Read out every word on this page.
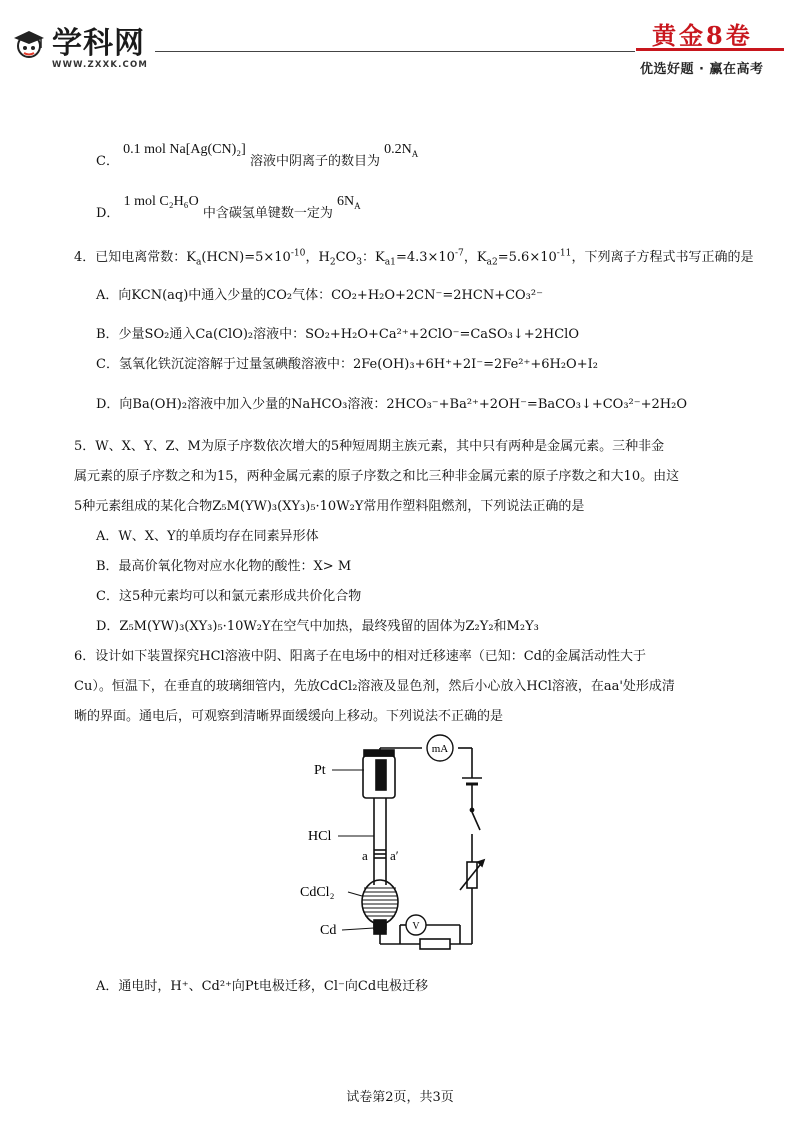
学科网
WWW.ZXXK.COM
黄金8卷
优选好题 · 赢在高考
C． 0.1 mol Na[Ag(CN)₂] 溶液中阴离子的数目为 $0.2N_A$
D． 1 mol C₂H₆O 中含碳氢单键数一定为 $6N_A$
4．已知电离常数：$K_a(HCN)=5\times 10^{-10}$，$H_2CO_3$：$K_{a1}=4.3\times 10^{-7}$，$K_{a2}=5.6\times 10^{-11}$，下列离子方程式书写正确的是
A．向KCN(aq)中通入少量的CO₂气体：CO₂+H₂O+2CN⁻=2HCN+CO₃²⁻
B．少量SO₂通入Ca(ClO)₂溶液中：SO₂+H₂O+Ca²⁺+2ClO⁻=CaSO₃↓+2HClO
C．氢氧化铁沉淀溶解于过量氢碘酸溶液中：2Fe(OH)₃+6H⁺+2I⁻=2Fe²⁺+6H₂O+I₂
D．向Ba(OH)₂溶液中加入少量的NaHCO₃溶液：2HCO₃⁻+Ba²⁺+2OH⁻=BaCO₃↓+CO₃²⁻+2H₂O
5．W、X、Y、Z、M为原子序数依次增大的5种短周期主族元素，其中只有两种是金属元素。三种非金
属元素的原子序数之和为15，两种金属元素的原子序数之和比三种非金属元素的原子序数之和大10。由这
5种元素组成的某化合物Z₅M(YW)₃(XY₃)₅·10W₂Y常用作塑料阻燃剂，下列说法正确的是
A．W、X、Y的单质均存在同素异形体
B．最高价氧化物对应水化物的酸性：X> M
C．这5种元素均可以和氯元素形成共价化合物
D．Z₅M(YW)₃(XY₃)₅·10W₂Y在空气中加热，最终残留的固体为Z₂Y₂和M₂Y₃
6．设计如下装置探究HCl溶液中阴、阳离子在电场中的相对迁移速率（已知：Cd的金属活动性大于
Cu）。恒温下，在垂直的玻璃细管内，先放CdCl₂溶液及显色剂，然后小心放入HCl溶液，在aa'处形成清
晰的界面。通电后，可观察到清晰界面缓缓向上移动。下列说法不正确的是
mA
V
Pt
HCl
a a′
CdCl₂
Cd
A．通电时，H⁺、Cd²⁺向Pt电极迁移，Cl⁻向Cd电极迁移
试卷第2页，共3页
